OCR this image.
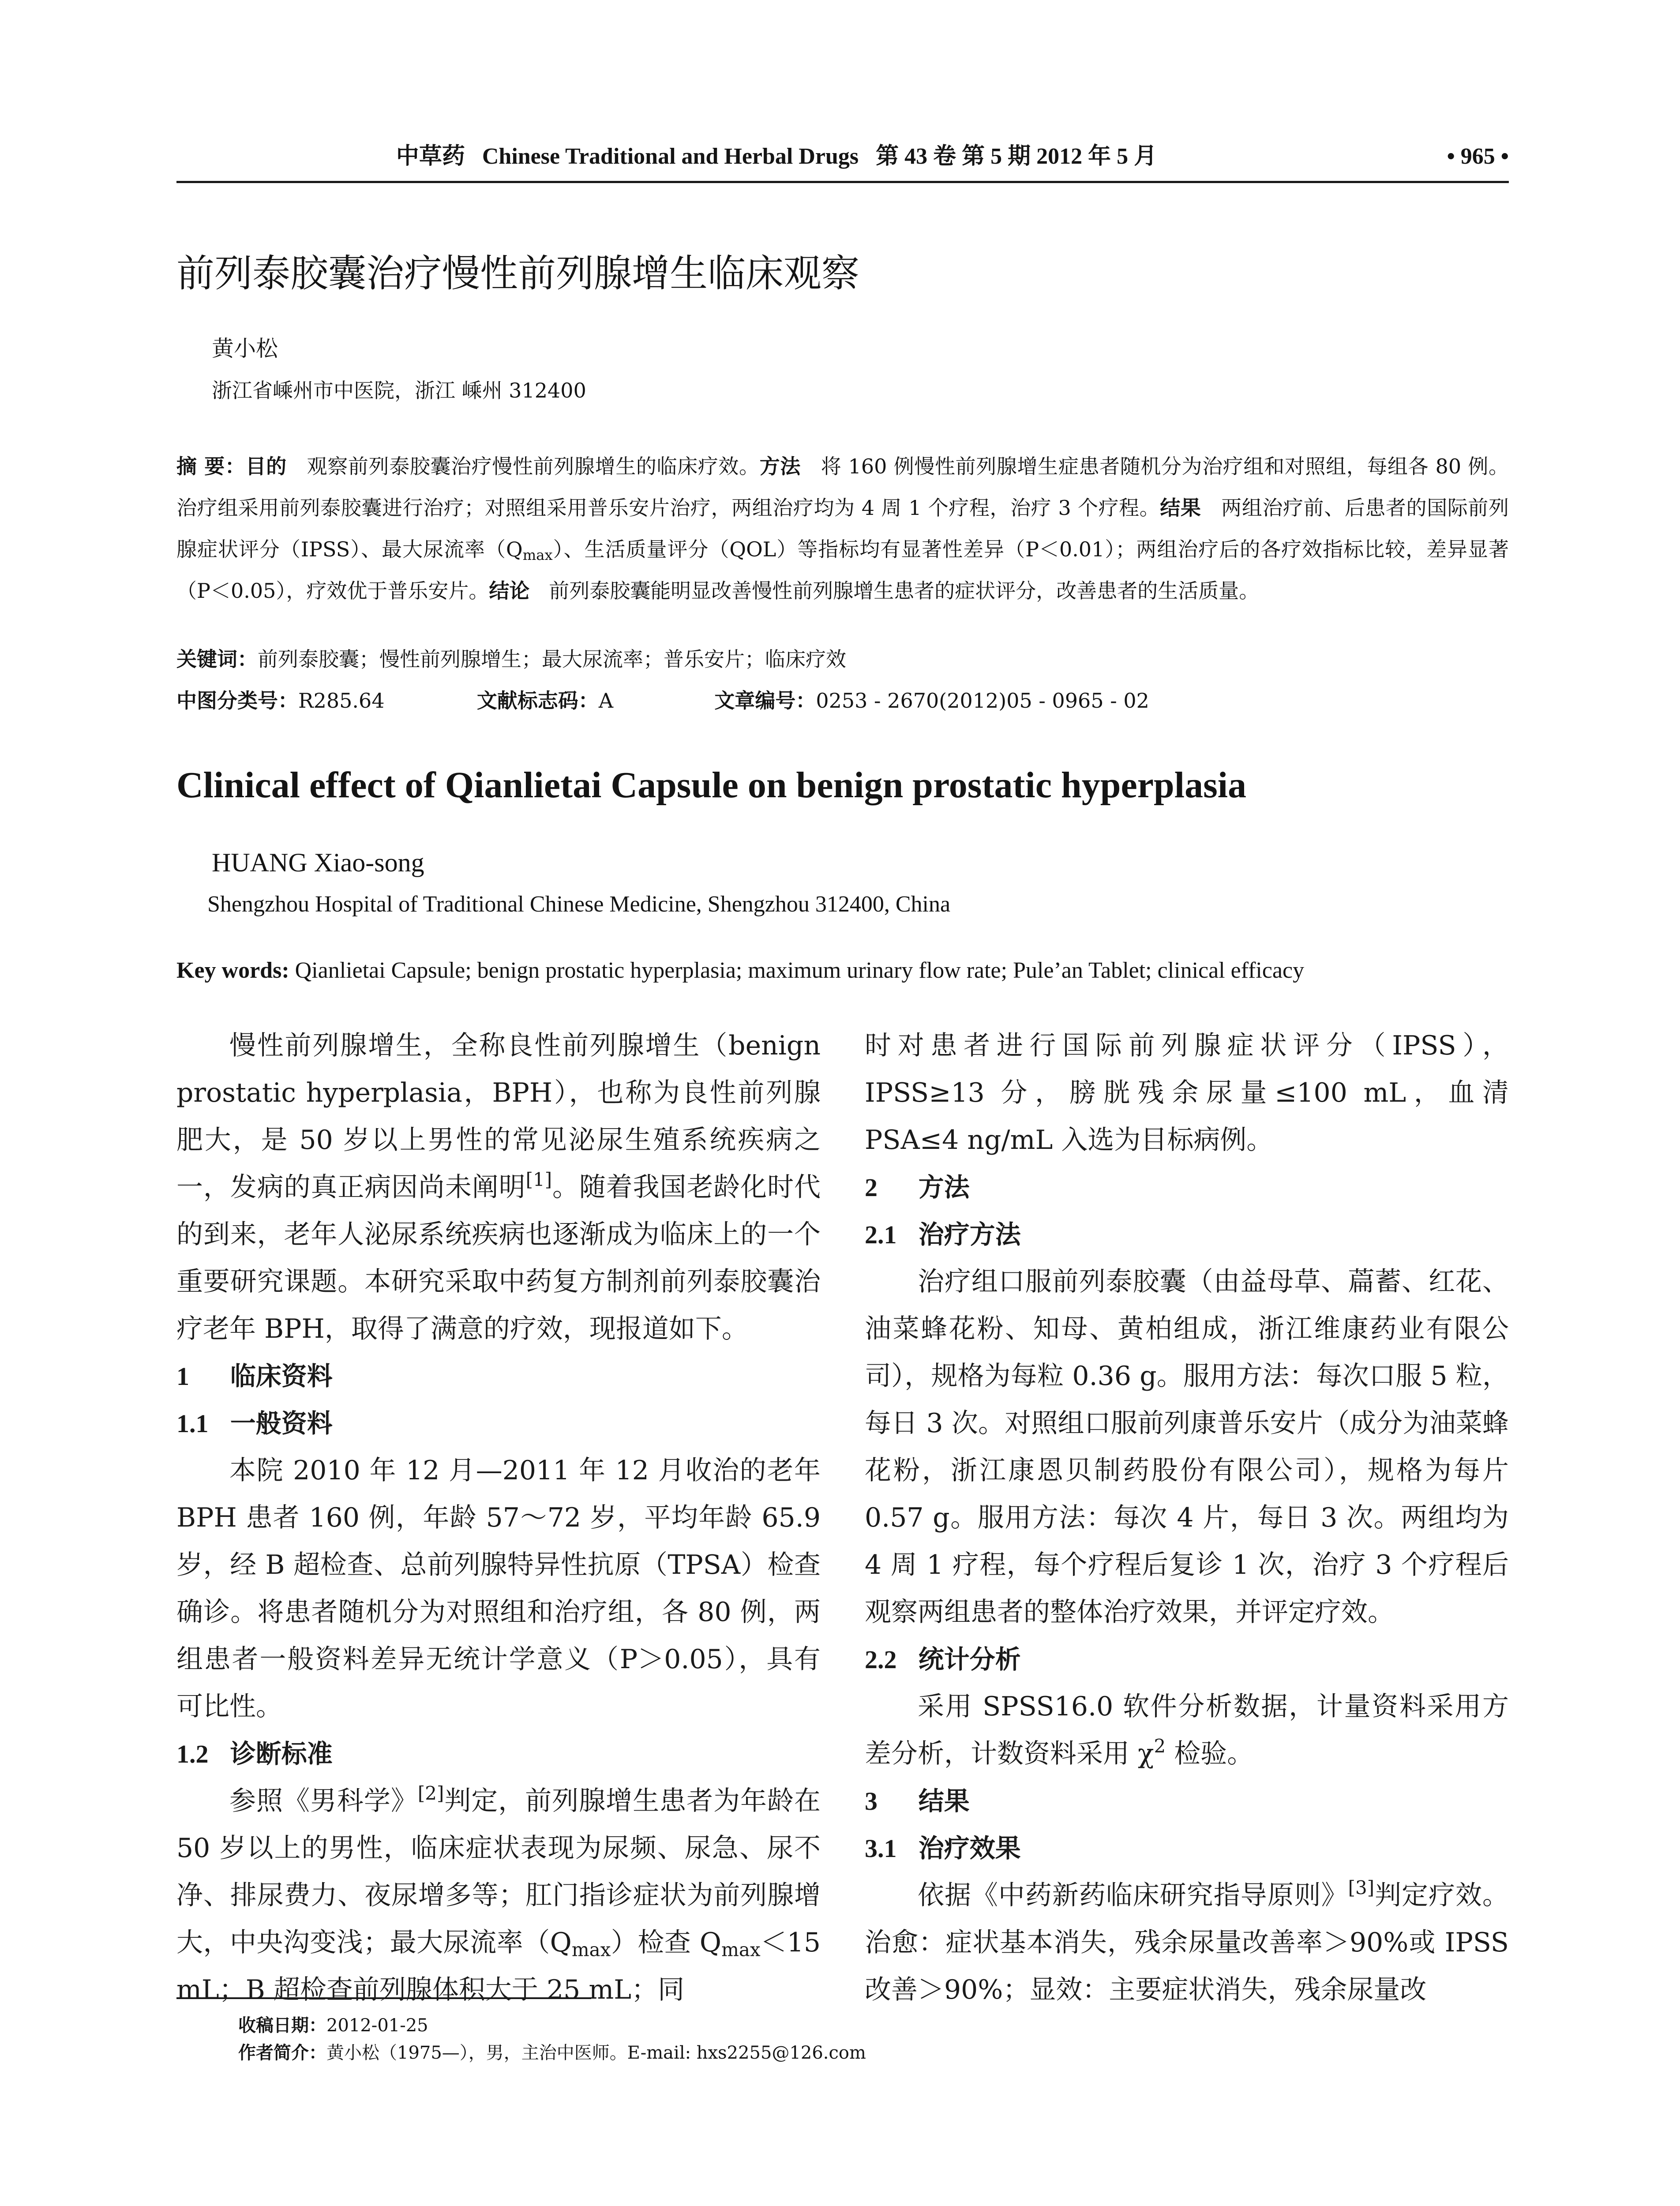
中草药 Chinese Traditional and Herbal Drugs 第 43 卷 第 5 期 2012 年 5 月	• 965 •
前列泰胶囊治疗慢性前列腺增生临床观察
黄小松
浙江省嵊州市中医院，浙江 嵊州 312400
摘 要：目的 观察前列泰胶囊治疗慢性前列腺增生的临床疗效。方法 将 160 例慢性前列腺增生症患者随机分为治疗组和对照组，每组各 80 例。治疗组采用前列泰胶囊进行治疗；对照组采用普乐安片治疗，两组治疗均为 4 周 1 个疗程，治疗 3 个疗程。结果 两组治疗前、后患者的国际前列腺症状评分（IPSS）、最大尿流率$(Q_{max})$、生活质量评分（QOL）等指标均有显著性差异（P＜0.01）；两组治疗后的各疗效指标比较，差异显著（P＜0.05），疗效优于普乐安片。结论 前列泰胶囊能明显改善慢性前列腺增生患者的症状评分，改善患者的生活质量。
关键词：前列泰胶囊；慢性前列腺增生；最大尿流率；普乐安片；临床疗效
中图分类号：R285.64	文献标志码：A	文章编号：0253 - 2670(2012)05 - 0965 - 02
Clinical effect of Qianlietai Capsule on benign prostatic hyperplasia
HUANG Xiao-song
Shengzhou Hospital of Traditional Chinese Medicine, Shengzhou 312400, China
Key words: Qianlietai Capsule; benign prostatic hyperplasia; maximum urinary flow rate; Pule’an Tablet; clinical efficacy

慢性前列腺增生，全称良性前列腺增生（benign prostatic hyperplasia，BPH），也称为良性前列腺肥大，是 50 岁以上男性的常见泌尿生殖系统疾病之一，发病的真正病因尚未阐明[1]。随着我国老龄化时代的到来，老年人泌尿系统疾病也逐渐成为临床上的一个重要研究课题。本研究采取中药复方制剂前列泰胶囊治疗老年 BPH，取得了满意的疗效，现报道如下。

1 临床资料
1.1 一般资料

本院 2010 年 12 月—2011 年 12 月收治的老年 BPH 患者 160 例，年龄 57～72 岁，平均年龄 65.9 岁，经 B 超检查、总前列腺特异性抗原（TPSA）检查确诊。将患者随机分为对照组和治疗组，各 80 例，两组患者一般资料差异无统计学意义（P＞0.05），具有可比性。

1.2 诊断标准

参照《男科学》[2]判定，前列腺增生患者为年龄在 50 岁以上的男性，临床症状表现为尿频、尿急、尿不净、排尿费力、夜尿增多等；肛门指诊症状为前列腺增大，中央沟变浅；最大尿流率$(Q_{max})$检查 $Q_{max}<15$ mL；B 超检查前列腺体积大于 25 mL；同

时对患者进行国际前列腺症状评分（IPSS），IPSS≥13 分，膀胱残余尿量≤100 mL，血清 PSA≤4 ng/mL 入选为目标病例。

2 方法
2.1 治疗方法

治疗组口服前列泰胶囊（由益母草、萹蓄、红花、油菜蜂花粉、知母、黄柏组成，浙江维康药业有限公司），规格为每粒 0.36 g。服用方法：每次口服 5 粒，每日 3 次。对照组口服前列康普乐安片（成分为油菜蜂花粉，浙江康恩贝制药股份有限公司），规格为每片 0.57 g。服用方法：每次 4 片，每日 3 次。两组均为 4 周 1 疗程，每个疗程后复诊 1 次，治疗 3 个疗程后观察两组患者的整体治疗效果，并评定疗效。

2.2 统计分析

采用 SPSS16.0 软件分析数据，计量资料采用方差分析，计数资料采用 $\chi^2$ 检验。

3 结果
3.1 治疗效果

依据《中药新药临床研究指导原则》[3]判定疗效。治愈：症状基本消失，残余尿量改善率＞90%或 IPSS 改善＞90%；显效：主要症状消失，残余尿量改

收稿日期：2012-01-25
作者简介：黄小松（1975—），男，主治中医师。E-mail: hxs2255@126.com
